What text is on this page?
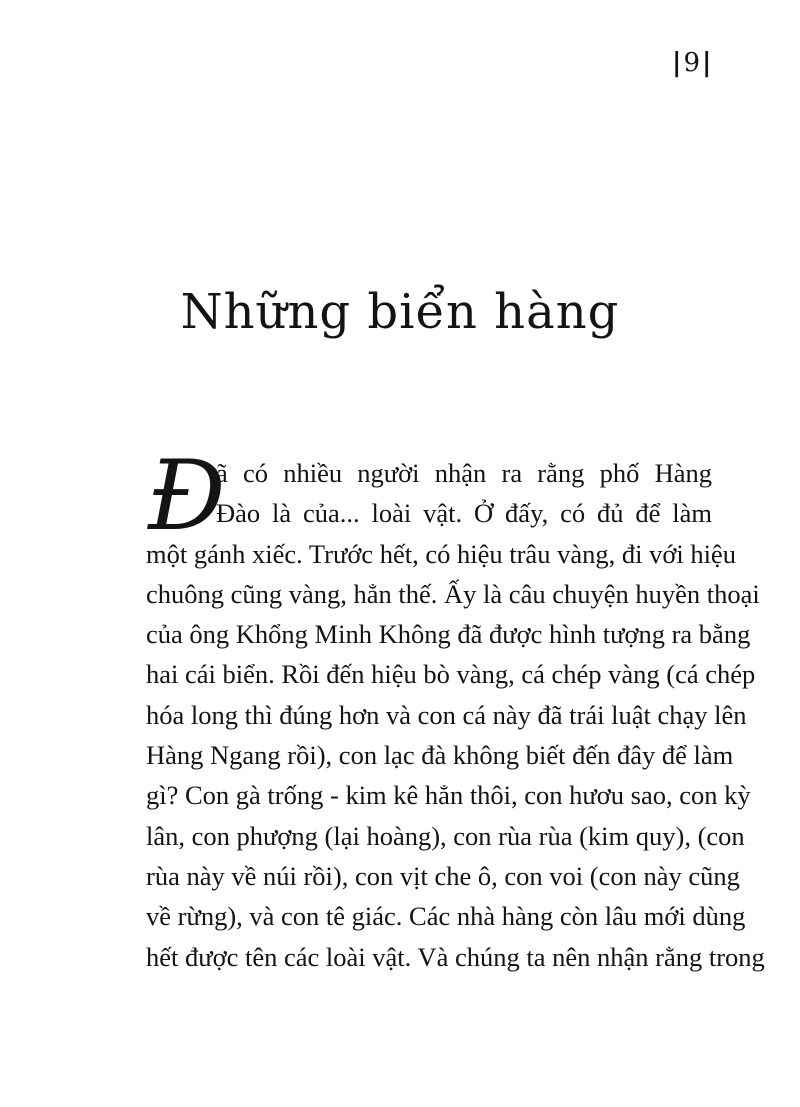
|9|
Những biển hàng
Đ
ã có nhiều người nhận ra rằng phố Hàng
Đào là của... loài vật. Ở đấy, có đủ để làm
một gánh xiếc. Trước hết, có hiệu trâu vàng, đi với hiệu
chuông cũng vàng, hẳn thế. Ấy là câu chuyện huyền thoại
của ông Khổng Minh Không đã được hình tượng ra bằng
hai cái biển. Rồi đến hiệu bò vàng, cá chép vàng (cá chép
hóa long thì đúng hơn và con cá này đã trái luật chạy lên
Hàng Ngang rồi), con lạc đà không biết đến đây để làm
gì? Con gà trống - kim kê hẳn thôi, con hươu sao, con kỳ
lân, con phượng (lại hoàng), con rùa rùa (kim quy), (con
rùa này về núi rồi), con vịt che ô, con voi (con này cũng
về rừng), và con tê giác. Các nhà hàng còn lâu mới dùng
hết được tên các loài vật. Và chúng ta nên nhận rằng trong
